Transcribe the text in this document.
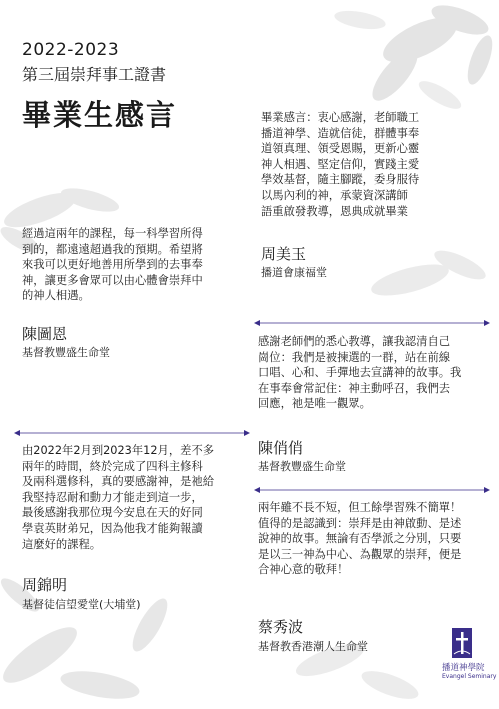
2022-2023
第三屆崇拜事工證書
畢業生感言	畢業感言：衷心感謝，老師職工
播道神學、造就信徒，群體事奉
道領真理、領受恩賜，更新心靈
神人相遇、堅定信仰，實踐主愛
學效基督，隨主腳蹤，委身服待
以馬內利的神，承蒙資深講師
語重啟發教導，恩典成就畢業
周美玉
播道會康福堂
經過這兩年的課程，每一科學習所得
到的，都遠遠超過我的預期。希望將
來我可以更好地善用所學到的去事奉
神，讓更多會眾可以由心體會崇拜中
的神人相遇。
陳圖恩
基督教豐盛生命堂
感謝老師們的悉心教導，讓我認清自己
崗位：我們是被揀選的一群，站在前線
口唱、心和、手彈地去宣講神的故事。我
在事奉會常記住：神主動呼召，我們去
回應，祂是唯一觀眾。
陳俏俏
基督教豐盛生命堂
由2022年2月到2023年12月，差不多
兩年的時間，終於完成了四科主修科
及兩科選修科，真的要感謝神，是祂給
我堅持忍耐和動力才能走到這一步，
最後感謝我那位現今安息在天的好同
學袁英財弟兄，因為他我才能夠報讀
這麼好的課程。
周錦明
基督徒信望愛堂(大埔堂)
兩年雖不長不短，但工餘學習殊不簡單！
值得的是認識到：崇拜是由神啟動、是述
說神的故事。無論有否學派之分別，只要
是以三一神為中心、為觀眾的崇拜，便是
合神心意的敬拜！
蔡秀波
基督教香港潮人生命堂
播道神學院
Evangel Seminary
